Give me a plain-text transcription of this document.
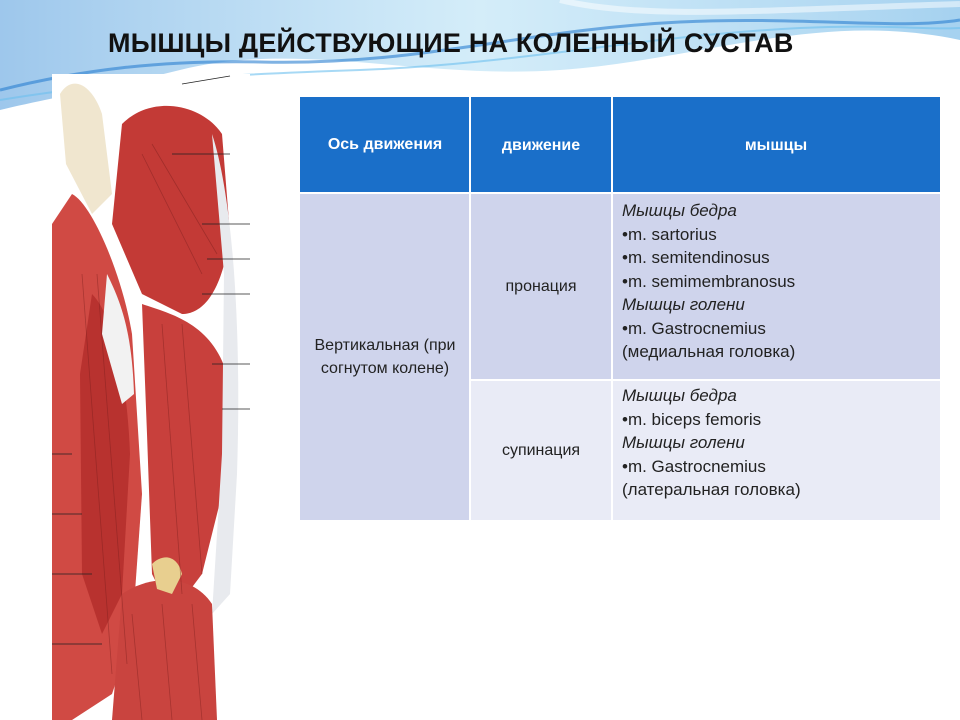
МЫШЦЫ ДЕЙСТВУЮЩИЕ НА КОЛЕННЫЙ СУСТАВ
Ось движения	движение	мышцы
Вертикальная (при согнутом колене)
пронация
Мышцы бедра
•m. sartorius
•m. semitendinosus
•m. semimembranosus
Мышцы голени
•m. Gastrocnemius
(медиальная головка)
супинация
Мышцы бедра
•m. biceps femoris
Мышцы голени
•m. Gastrocnemius
(латеральная головка)
